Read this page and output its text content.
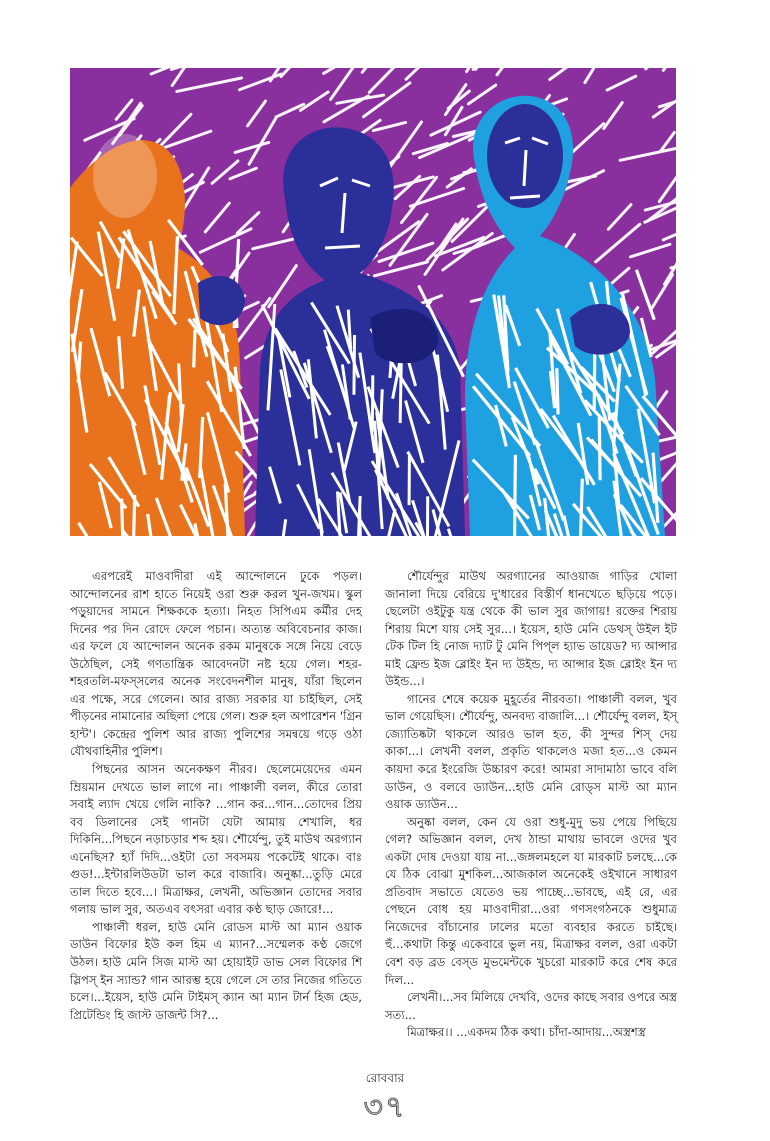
এরপরেই মাওবাদীরা এই আন্দোলনে ঢুকে পড়ল। আন্দোলনের রাশ হাতে নিয়েই ওরা শুরু করল খুন-জখম। স্কুল পড়ুয়াদের সামনে শিক্ষককে হত্যা। নিহত সিপিএম কর্মীর দেহ দিনের পর দিন রোদে ফেলে পচান। অত্যন্ত অবিবেচনার কাজ। এর ফলে যে আন্দোলন অনেক রকম মানুষকে সঙ্গে নিয়ে বেড়ে উঠেছিল, সেই গণতান্ত্রিক আবেদনটা নষ্ট হয়ে গেল। শহর-শহরতলি-মফস্সলের অনেক সংবেদনশীল মানুষ, যাঁরা ছিলেন এর পক্ষে, সরে গেলেন। আর রাজ্য সরকার যা চাইছিল, সেই পীড়নের নামানোর অছিলা পেয়ে গেল। শুরু হল অপারেশন 'গ্রিন হান্ট'। কেন্দ্রের পুলিশ আর রাজ্য পুলিশের সমন্বয়ে গড়ে ওঠা যৌথবাহিনীর পুলিশ।

পিছনের আসন অনেকক্ষণ নীরব। ছেলেমেয়েদের এমন ম্রিয়মান দেখতে ভাল লাগে না। পাঞ্চালী বলল, কীরে তোরা সবাই ল্যাদ খেয়ে গেলি নাকি? ...গান কর...গান...তোদের প্রিয় বব ডিলানের সেই গানটা যেটা আমায় শেখালি, ধর দিকিনি...পিছনে নড়াচড়ার শব্দ হয়। শৌর্যেন্দু, তুই মাউথ অরগ্যান এনেছিস? হ্যাঁ দিদি...ওইটা তো সবসময় পকেটেই থাকে। বাঃ গুড!...ইন্টারলিউডটা ভাল করে বাজাবি। অনুষ্কা...তুড়ি মেরে তাল দিতে হবে...। মিত্রাক্ষর, লেখনী, অভিজ্ঞান তোদের সবার গলায় ভাল সুর, অতএব বৎসরা এবার কণ্ঠ ছাড় জোরে!...

পাঞ্চালী ধরল, হাউ মেনি রোডস মাস্ট আ ম্যান ওয়াক ডাউন বিফোর ইউ কল হিম এ ম্যান?...সম্মেলক কণ্ঠ জেগে উঠল। হাউ মেনি সিজ মাস্ট আ হোয়াইট ডাভ সেল বিফোর শি স্লিপস্ ইন স্যান্ড? গান আরম্ভ হয়ে গেলে সে তার নিজের গতিতে চলে।...ইয়েস, হাউ মেনি টাইমস্ ক্যান আ ম্যান টার্ন হিজ হেড, প্রিটেন্ডিং হি জাস্ট ডাজন্ট সি?...

শৌর্যেন্দুর মাউথ অরগ্যানের আওয়াজ গাড়ির খোলা জানালা দিয়ে বেরিয়ে দু'ধারের বিস্তীর্ণ ধানখেতে ছড়িয়ে পড়ে। ছেলেটা ওইটুকু যন্ত্র থেকে কী ভাল সুর জাগায়! রক্তের শিরায় শিরায় মিশে যায় সেই সুর...। ইয়েস, হাউ মেনি ডেথস্ উইল ইট টেক টিল হি নোজ দ্যাট টু মেনি পিপ্‌ল হ্যাভ ডায়েড? দ্য আন্সার মাই ফ্রেন্ড ইজ ব্লোইং ইন দ্য উইন্ড, দ্য আন্সার ইজ ব্লোইং ইন দ্য উইন্ড...।

গানের শেষে কয়েক মুহূর্তের নীরবতা। পাঞ্চালী বলল, খুব ভাল গেয়েছিস। শৌর্যেন্দু, অনবদ্য বাজালি...। শৌর্যেন্দু বলল, ইস্ জ্যোতিষ্কটা থাকলে আরও ভাল হত, কী সুন্দর শিস্ দেয় কাকা...। লেখনী বলল, প্রকৃতি থাকলেও মজা হত...ও কেমন কায়দা করে ইংরেজি উচ্চারণ করে! আমরা সাদামাঠা ভাবে বলি ডাউন, ও বলবে ড্যাউন...হাউ মেনি রোড্‌স মাস্ট আ ম্যান ওয়াক ড্যাউন...

অনুষ্কা বলল, কেন যে ওরা শুধু-মুদু ভয় পেয়ে পিছিয়ে গেল? অভিজ্ঞান বলল, দেখ ঠান্ডা মাথায় ভাবলে ওদের খুব একটা দোষ দেওয়া যায় না...জঙ্গলমহলে যা মারকাট চলছে...কে যে ঠিক বোঝা মুশকিল...আজকাল অনেকেই ওইখানে সাধারণ প্রতিবাদ সভাতে যেতেও ভয় পাচ্ছে...ভাবছে, এই রে, এর পেছনে বোধ হয় মাওবাদীরা...ওরা গণসংগঠনকে শুধুমাত্র নিজেদের বাঁচানোর ঢালের মতো ব্যবহার করতে চাইছে। হুঁ...কথাটা কিন্তু একেবারে ভুল নয়, মিত্রাক্ষর বলল, ওরা একটা বেশ বড় ব্রড বেস্‌ড মুভমেন্টকে খুচরো মারকাট করে শেষ করে দিল...

লেখনী।...সব মিলিয়ে দেখবি, ওদের কাছে সবার ওপরে অস্ত্র সত্য...

মিত্রাক্ষর।। ...একদম ঠিক কথা। চাঁদা-আদায়...অস্ত্রশস্ত্র

রোববার
৩৭
